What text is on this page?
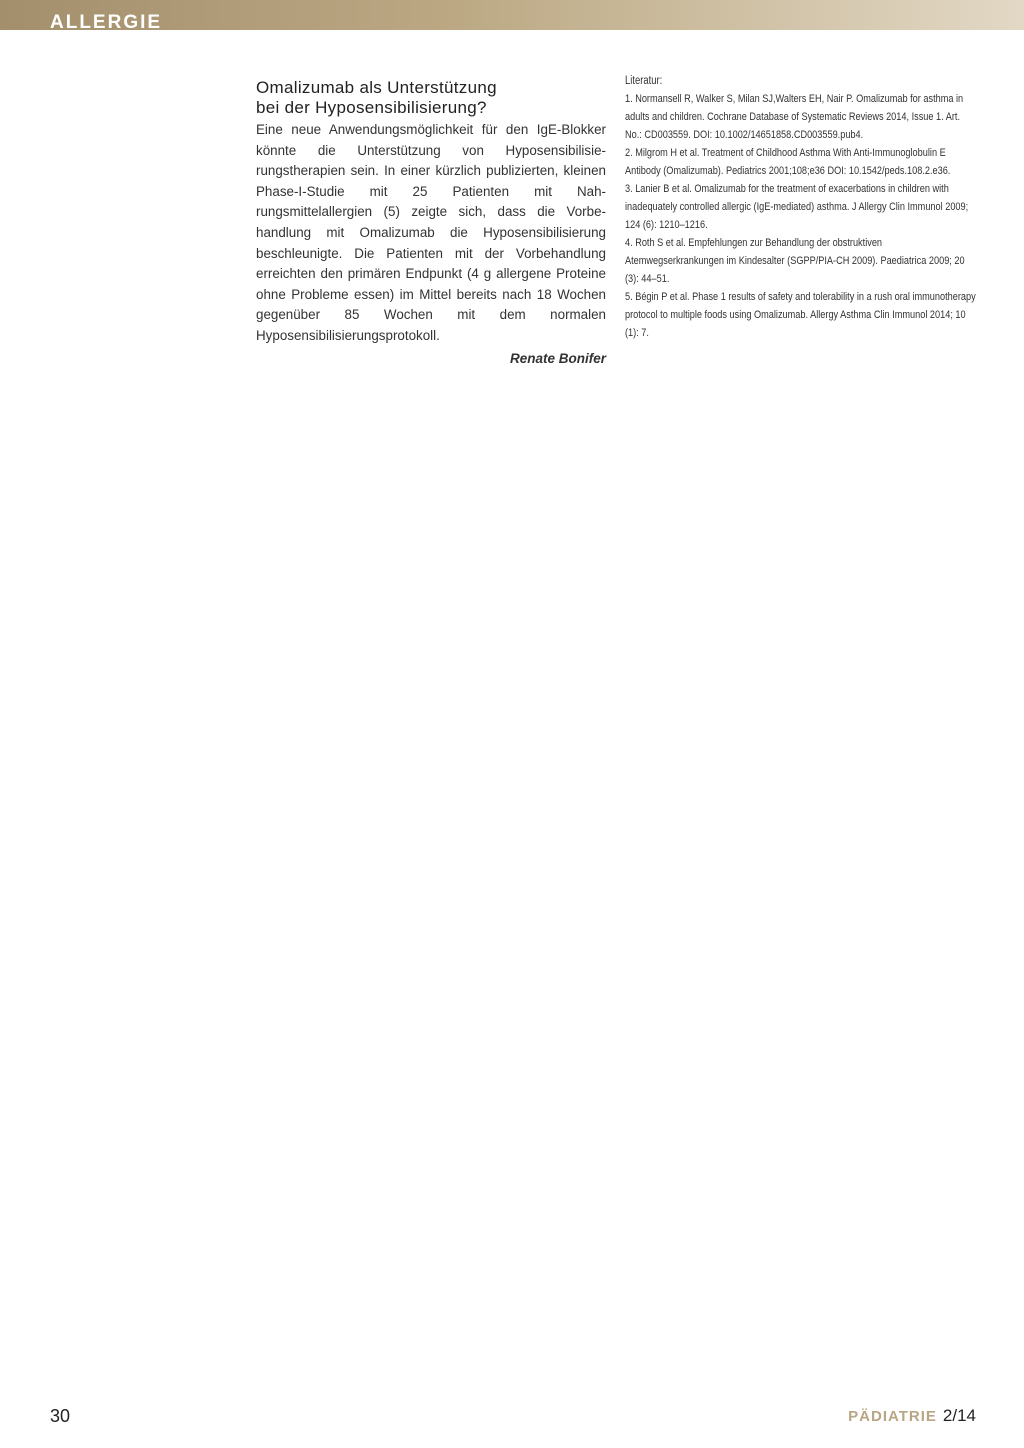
ALLERGIE
Omalizumab als Unterstützung
bei der Hyposensibilisierung?

Eine neue Anwendungsmöglichkeit für den IgE-Blokker könnte die Unterstützung von Hyposensibilisierungstherapien sein. In einer kürzlich publizierten, kleinen Phase-I-Studie mit 25 Patienten mit Nahrungsmittelallergien (5) zeigte sich, dass die Vorbehandlung mit Omalizumab die Hyposensibilisierung beschleunigte. Die Patienten mit der Vorbehandlung erreichten den primären Endpunkt (4 g allergene Proteine ohne Probleme essen) im Mittel bereits nach 18 Wochen gegenüber 85 Wochen mit dem normalen Hyposensibilisierungsprotokoll.

Renate Bonifer

Literatur:
1. Normansell R, Walker S, Milan SJ,Walters EH, Nair P. Omalizumab for asthma in adults and children. Cochrane Database of Systematic Reviews 2014, Issue 1. Art. No.: CD003559. DOI: 10.1002/14651858.CD003559.pub4.
2. Milgrom H et al. Treatment of Childhood Asthma With Anti-Immunoglobulin E Antibody (Omalizumab). Pediatrics 2001;108;e36 DOI: 10.1542/peds.108.2.e36.
3. Lanier B et al. Omalizumab for the treatment of exacerbations in children with inadequately controlled allergic (IgE-mediated) asthma. J Allergy Clin Immunol 2009; 124 (6): 1210–1216.
4. Roth S et al. Empfehlungen zur Behandlung der obstruktiven Atemwegserkrankungen im Kindesalter (SGPP/PIA-CH 2009). Paediatrica 2009; 20 (3): 44–51.
5. Bégin P et al. Phase 1 results of safety and tolerability in a rush oral immunotherapy protocol to multiple foods using Omalizumab. Allergy Asthma Clin Immunol 2014; 10 (1): 7.
30	PÄDIATRIE 2/14
